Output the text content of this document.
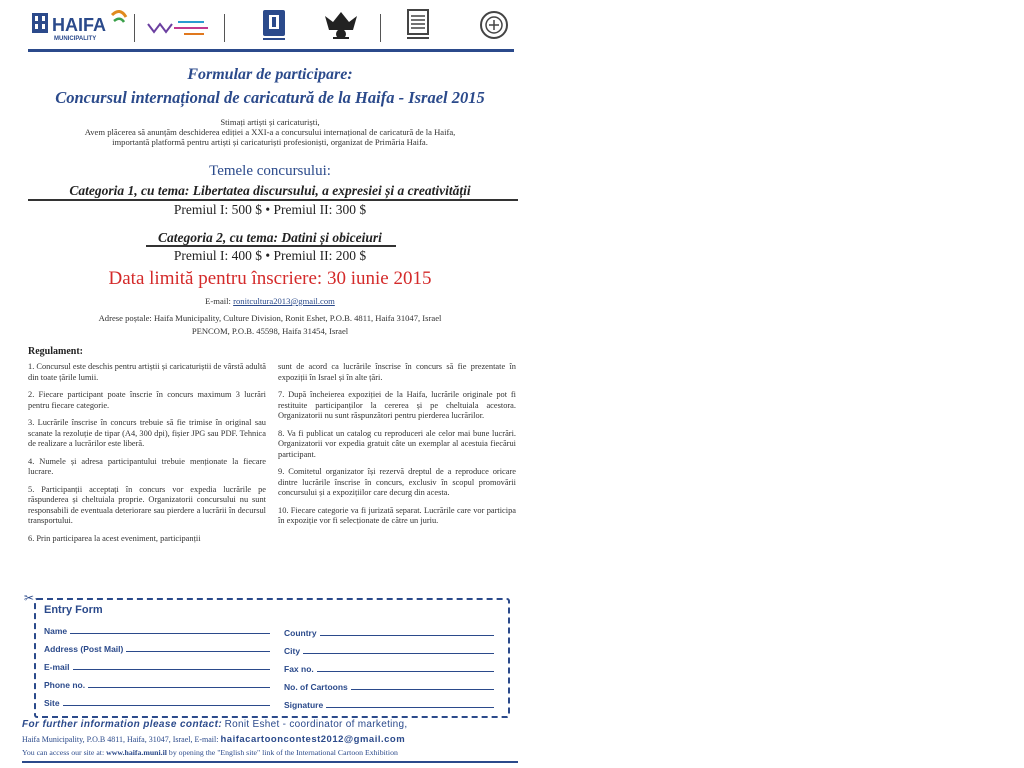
HAIFA
MUNICIPALITY
Formular de participare:
Concursul internațional de caricatură de la Haifa - Israel 2015
Stimați artiști și caricaturiști,
Avem plăcerea să anunțăm deschiderea ediției a XXI-a a concursului internațional de caricatură de la Haifa,
importantă platformă pentru artiști și caricaturiști profesioniști, organizat de Primăria Haifa.
Temele concursului:
Categoria 1, cu tema: Libertatea discursului, a expresiei și a creativității
Premiul I: 500 $ • Premiul II: 300 $
Categoria 2, cu tema: Datini și obiceiuri
Premiul I: 400 $ • Premiul II: 200 $
Data limită pentru înscriere: 30 iunie 2015
E-mail: ronitcultura2013@gmail.com
Adrese poștale: Haifa Municipality, Culture Division, Ronit Eshet, P.O.B. 4811, Haifa 31047, Israel
PENCOM, P.O.B. 45598, Haifa 31454, Israel
Regulament:

1. Concursul este deschis pentru artiștii și caricaturiștii de vârstă adultă din toate țările lumii.

2. Fiecare participant poate înscrie în concurs maximum 3 lucrări pentru fiecare categorie.

3. Lucrările înscrise în concurs trebuie să fie trimise în original sau scanate la rezoluție de tipar (A4, 300 dpi), fișier JPG sau PDF. Tehnica de realizare a lucrărilor este liberă.

4. Numele și adresa participantului trebuie menționate la fiecare lucrare.

5. Participanții acceptați în concurs vor expedia lucrările pe răspunderea și cheltuiala proprie. Organizatorii concursului nu sunt responsabili de eventuala deteriorare sau pierdere a lucrării în decursul transportului.

6. Prin participarea la acest eveniment, participanții

sunt de acord ca lucrările înscrise în concurs să fie prezentate în expoziții în Israel și în alte țări.

7. După încheierea expoziției de la Haifa, lucrările originale pot fi restituite participanților la cererea și pe cheltuiala acestora. Organizatorii nu sunt răspunzători pentru pierderea lucrărilor.

8. Va fi publicat un catalog cu reproduceri ale celor mai bune lucrări. Organizatorii vor expedia gratuit câte un exemplar al acestuia fiecărui participant.

9. Comitetul organizator își rezervă dreptul de a reproduce oricare dintre lucrările înscrise în concurs, exclusiv în scopul promovării concursului și a expozițiilor care decurg din acesta.

10. Fiecare categorie va fi jurizată separat. Lucrările care vor participa în expoziție vor fi selecționate de către un juriu.

✂
Entry Form
Name
Address (Post Mail)
E-mail
Phone no.
Site
Country
City
Fax no.
No. of Cartoons
Signature
For further information please contact: Ronit Eshet - coordinator of marketing,
Haifa Municipality, P.O.B 4811, Haifa, 31047, Israel, E-mail: haifacartooncontest2012@gmail.com
You can access our site at: www.haifa.muni.il by opening the "English site" link of the International Cartoon Exhibition
